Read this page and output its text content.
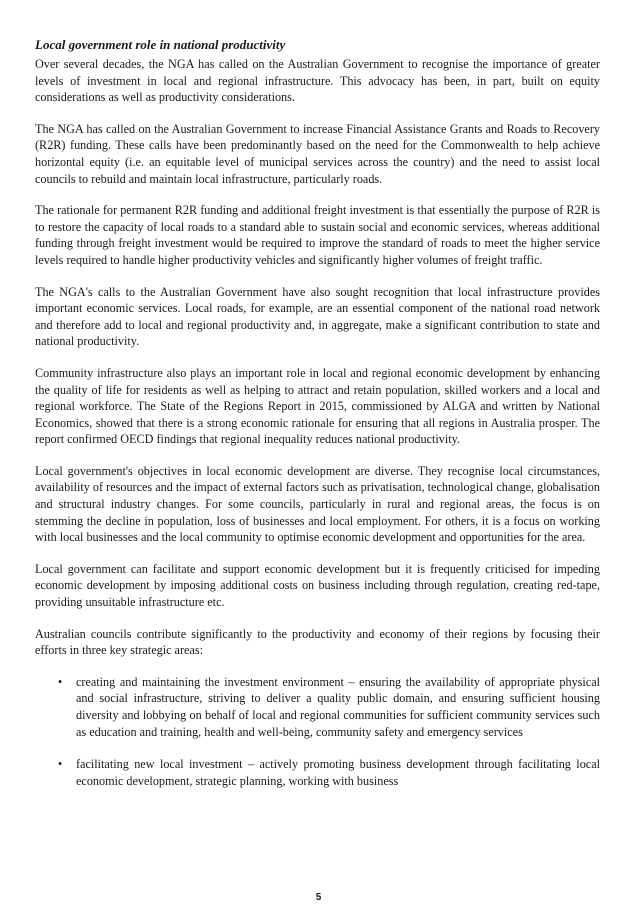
Local government role in national productivity

Over several decades, the NGA has called on the Australian Government to recognise the importance of greater levels of investment in local and regional infrastructure. This advocacy has been, in part, built on equity considerations as well as productivity considerations.

The NGA has called on the Australian Government to increase Financial Assistance Grants and Roads to Recovery (R2R) funding. These calls have been predominantly based on the need for the Commonwealth to help achieve horizontal equity (i.e. an equitable level of municipal services across the country) and the need to assist local councils to rebuild and maintain local infrastructure, particularly roads.

The rationale for permanent R2R funding and additional freight investment is that essentially the purpose of R2R is to restore the capacity of local roads to a standard able to sustain social and economic services, whereas additional funding through freight investment would be required to improve the standard of roads to meet the higher service levels required to handle higher productivity vehicles and significantly higher volumes of freight traffic.

The NGA's calls to the Australian Government have also sought recognition that local infrastructure provides important economic services. Local roads, for example, are an essential component of the national road network and therefore add to local and regional productivity and, in aggregate, make a significant contribution to state and national productivity.

Community infrastructure also plays an important role in local and regional economic development by enhancing the quality of life for residents as well as helping to attract and retain population, skilled workers and a local and regional workforce. The State of the Regions Report in 2015, commissioned by ALGA and written by National Economics, showed that there is a strong economic rationale for ensuring that all regions in Australia prosper. The report confirmed OECD findings that regional inequality reduces national productivity.

Local government's objectives in local economic development are diverse. They recognise local circumstances, availability of resources and the impact of external factors such as privatisation, technological change, globalisation and structural industry changes. For some councils, particularly in rural and regional areas, the focus is on stemming the decline in population, loss of businesses and local employment. For others, it is a focus on working with local businesses and the local community to optimise economic development and opportunities for the area.

Local government can facilitate and support economic development but it is frequently criticised for impeding economic development by imposing additional costs on business including through regulation, creating red-tape, providing unsuitable infrastructure etc.

Australian councils contribute significantly to the productivity and economy of their regions by focusing their efforts in three key strategic areas:

• creating and maintaining the investment environment – ensuring the availability of appropriate physical and social infrastructure, striving to deliver a quality public domain, and ensuring sufficient housing diversity and lobbying on behalf of local and regional communities for sufficient community services such as education and training, health and well-being, community safety and emergency services
• facilitating new local investment – actively promoting business development through facilitating local economic development, strategic planning, working with business
5
